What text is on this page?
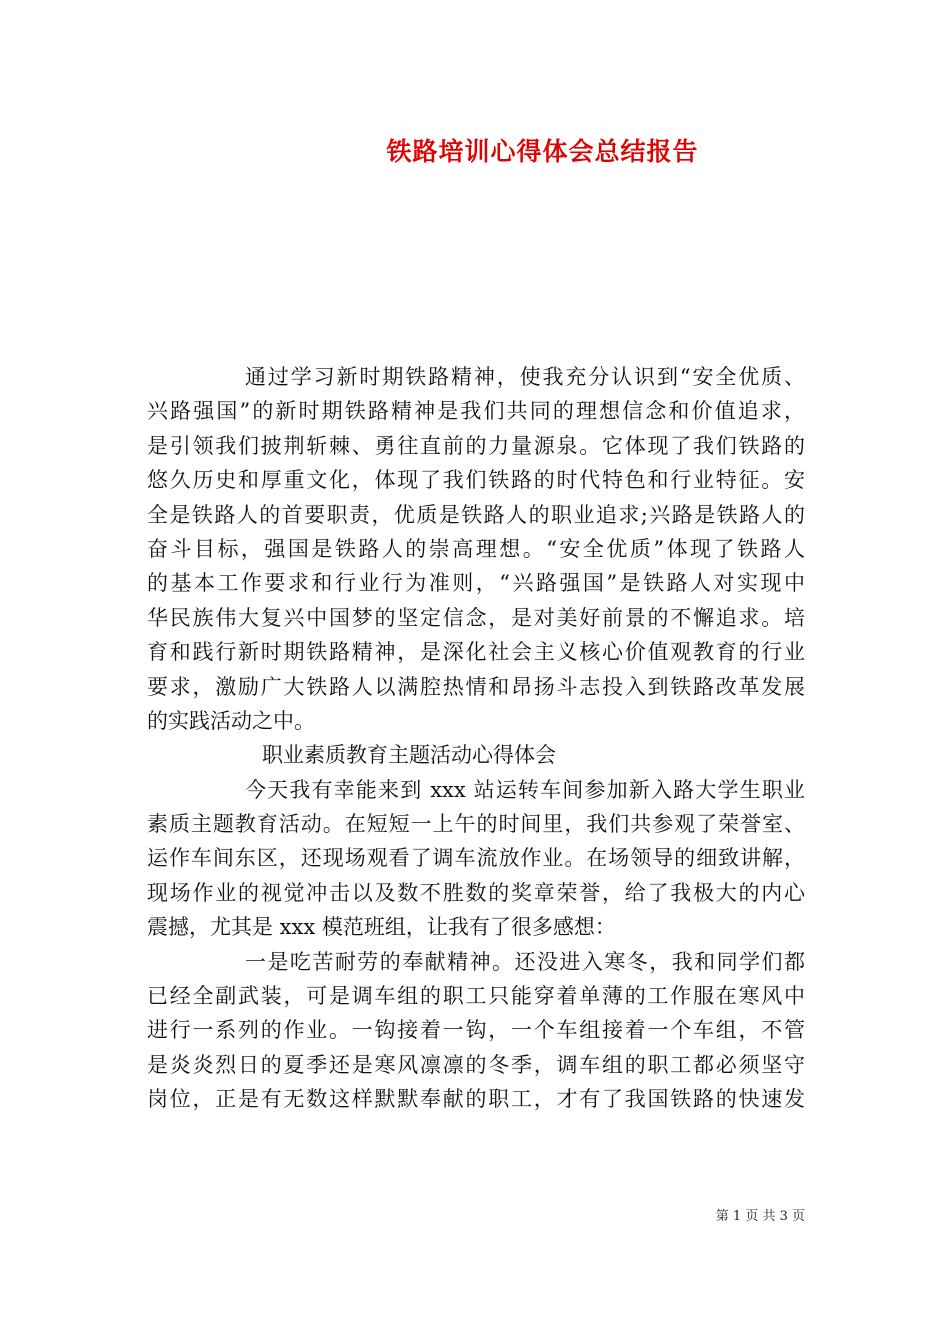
铁路培训心得体会总结报告
通过学习新时期铁路精神，使我充分认识到“安全优质、
兴路强国”的新时期铁路精神是我们共同的理想信念和价值追求，
是引领我们披荆斩棘、勇往直前的力量源泉。它体现了我们铁路的
悠久历史和厚重文化，体现了我们铁路的时代特色和行业特征。安
全是铁路人的首要职责，优质是铁路人的职业追求;兴路是铁路人的
奋斗目标，强国是铁路人的崇高理想。“安全优质”体现了铁路人
的基本工作要求和行业行为准则，“兴路强国”是铁路人对实现中
华民族伟大复兴中国梦的坚定信念，是对美好前景的不懈追求。培
育和践行新时期铁路精神，是深化社会主义核心价值观教育的行业
要求，激励广大铁路人以满腔热情和昂扬斗志投入到铁路改革发展
的实践活动之中。
职业素质教育主题活动心得体会
今天我有幸能来到 xxx 站运转车间参加新入路大学生职业
素质主题教育活动。在短短一上午的时间里，我们共参观了荣誉室、
运作车间东区，还现场观看了调车流放作业。在场领导的细致讲解，
现场作业的视觉冲击以及数不胜数的奖章荣誉，给了我极大的内心
震撼，尤其是 xxx 模范班组，让我有了很多感想：
一是吃苦耐劳的奉献精神。还没进入寒冬，我和同学们都
已经全副武装，可是调车组的职工只能穿着单薄的工作服在寒风中
进行一系列的作业。一钩接着一钩，一个车组接着一个车组，不管
是炎炎烈日的夏季还是寒风凛凛的冬季，调车组的职工都必须坚守
岗位，正是有无数这样默默奉献的职工，才有了我国铁路的快速发
第 1 页 共 3 页
